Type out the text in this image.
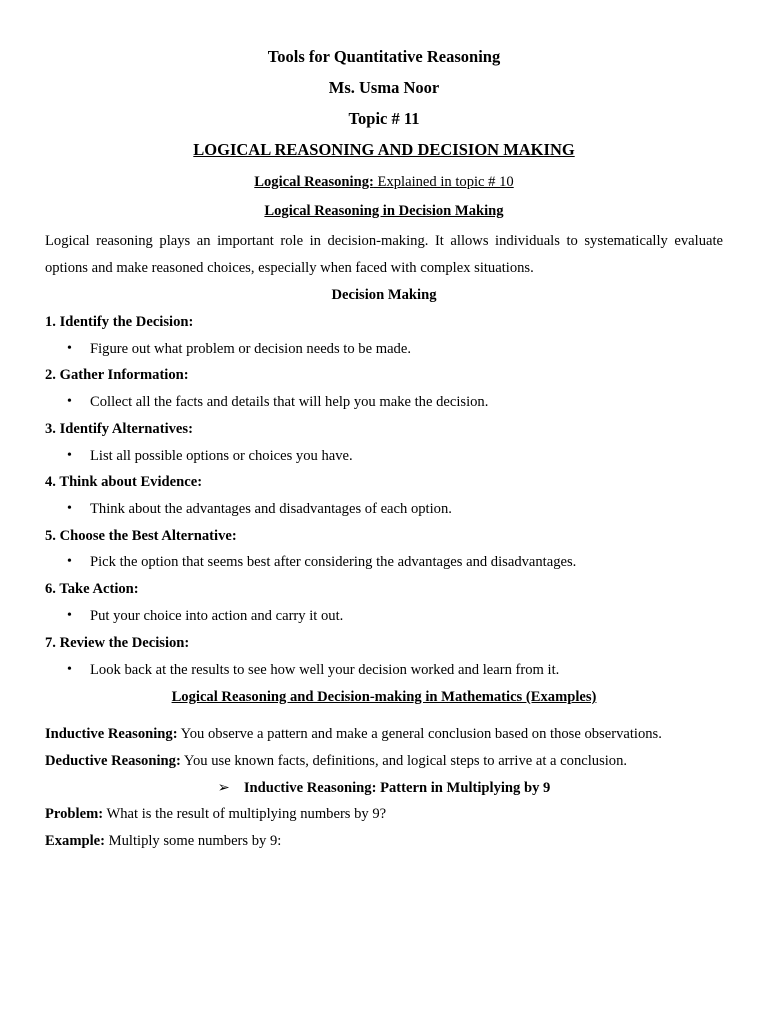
Tools for Quantitative Reasoning
Ms. Usma Noor
Topic # 11
LOGICAL REASONING AND DECISION MAKING
Logical Reasoning: Explained in topic # 10
Logical Reasoning in Decision Making
Logical reasoning plays an important role in decision-making. It allows individuals to systematically evaluate
options and make reasoned choices, especially when faced with complex situations.
Decision Making
1. Identify the Decision:
• Figure out what problem or decision needs to be made.
2. Gather Information:
• Collect all the facts and details that will help you make the decision.
3. Identify Alternatives:
• List all possible options or choices you have.
4. Think about Evidence:
• Think about the advantages and disadvantages of each option.
5. Choose the Best Alternative:
• Pick the option that seems best after considering the advantages and disadvantages.
6. Take Action:
• Put your choice into action and carry it out.
7. Review the Decision:
• Look back at the results to see how well your decision worked and learn from it.
Logical Reasoning and Decision-making in Mathematics (Examples)
Inductive Reasoning: You observe a pattern and make a general conclusion based on those observations.
Deductive Reasoning: You use known facts, definitions, and logical steps to arrive at a conclusion.
➢ Inductive Reasoning: Pattern in Multiplying by 9
Problem: What is the result of multiplying numbers by 9?
Example: Multiply some numbers by 9:
